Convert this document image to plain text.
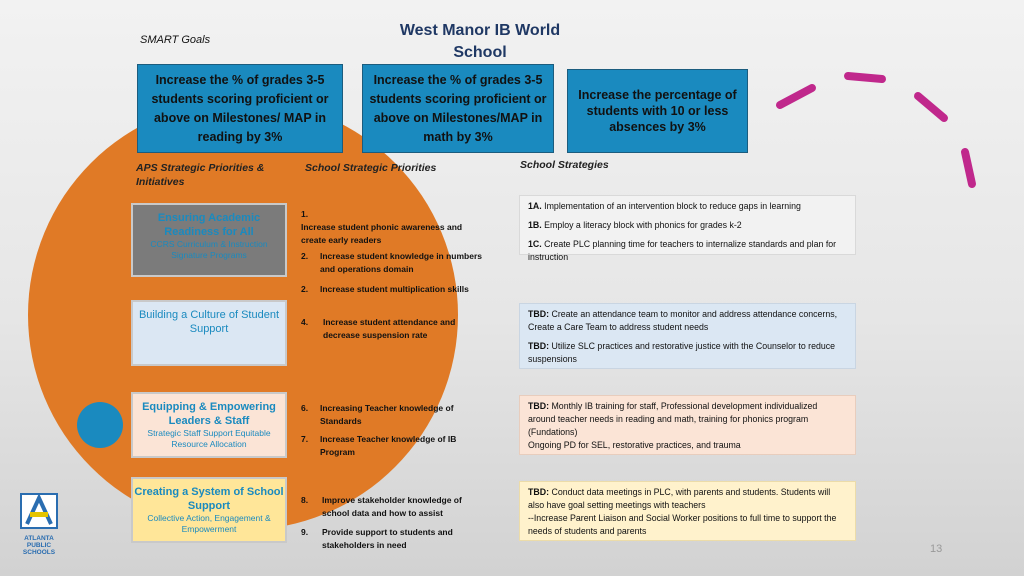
West Manor IB World School
SMART Goals
Increase the % of grades 3-5 students scoring proficient or above on Milestones/ MAP in reading by 3%
Increase the % of grades 3-5 students scoring proficient or above on Milestones/MAP in math by 3%
Increase the percentage of students with 10 or less absences by 3%
APS Strategic Priorities & Initiatives
School Strategic Priorities	School Strategies
Ensuring Academic Readiness for All
CCRS Curriculum & Instruction Signature Programs
Building a Culture of Student Support
Equipping & Empowering Leaders & Staff
Strategic Staff Support Equitable Resource Allocation
Creating a System of School Support
Collective Action, Engagement & Empowerment
1.
Increase student phonic awareness and create early readers
2.	Increase student knowledge in numbers and operations domain
2.	Increase student multiplication skills
4.	Increase student attendance and decrease suspension rate
6.	Increasing Teacher knowledge of Standards
7.	Increase Teacher knowledge of IB Program
8.	Improve stakeholder knowledge of school data and how to assist
9.	Provide support to students and stakeholders in need

1A. Implementation of an intervention block to reduce gaps in learning

1B. Employ a literacy block with phonics for grades k-2

1C. Create PLC planning time for teachers to internalize standards and plan for instruction

TBD: Create an attendance team to monitor and address attendance concerns, Create a Care Team to address student needs

TBD: Utilize SLC practices and restorative justice with the Counselor to reduce suspensions

TBD: Monthly IB training for staff, Professional development individualized around teacher needs in reading and math, training for phonics program (Fundations)
Ongoing PD for SEL, restorative practices, and trauma
TBD: Conduct data meetings in PLC, with parents and students. Students will also have goal setting meetings with teachers
--Increase Parent Liaison and Social Worker positions to full time to support the needs of students and parents
ATLANTA
PUBLIC
SCHOOLS	13
